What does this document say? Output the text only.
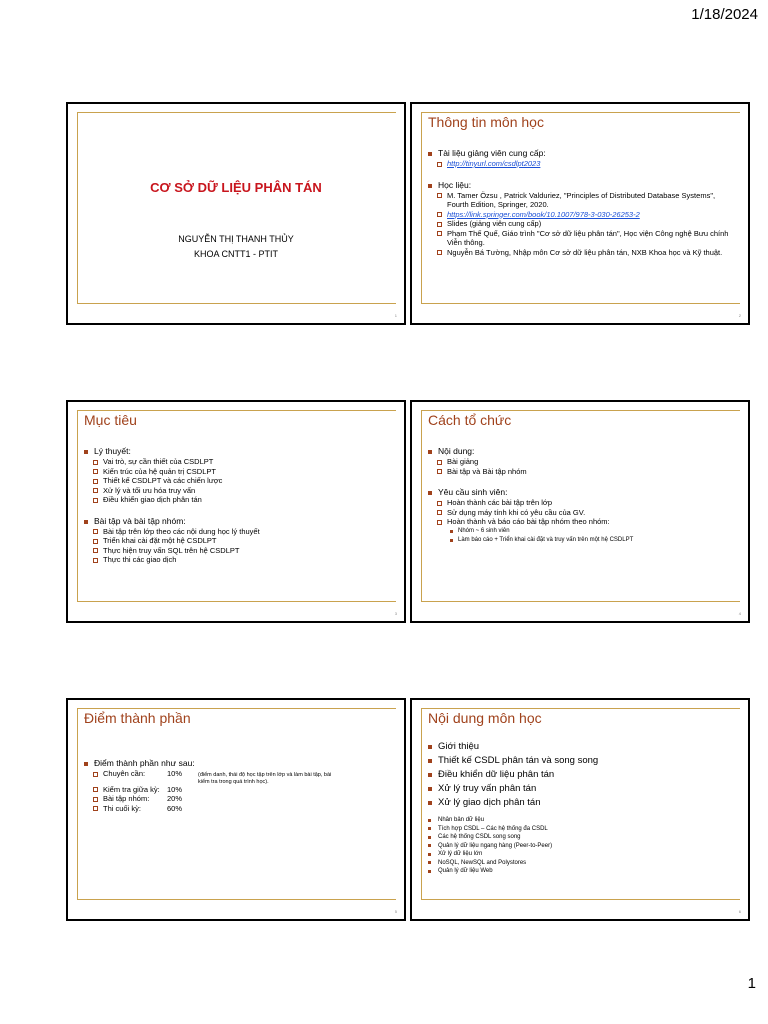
1/18/2024
CƠ SỞ DỮ LIỆU PHÂN TÁN
NGUYỄN THỊ THANH THỦY
KHOA CNTT1 - PTIT
1
Thông tin môn học
Tài liệu giảng viên cung cấp:
http://tinyurl.com/csdlpt2023
Học liệu:
M. Tamer Özsu , Patrick Valduriez, "Principles of Distributed Database Systems", Fourth Edition, Springer, 2020.
https://link.springer.com/book/10.1007/978-3-030-26253-2
Slides (giảng viên cung cấp)
Phạm Thế Quế, Giáo trình "Cơ sở dữ liệu phân tán", Học viện Công nghệ Bưu chính Viễn thông.
Nguyễn Bá Tường, Nhập môn Cơ sở dữ liệu phân tán, NXB Khoa học và Kỹ thuật.
2
Mục tiêu
Lý thuyết:
Vai trò, sự cần thiết của CSDLPT
Kiến trúc của hệ quản trị CSDLPT
Thiết kế CSDLPT và các chiến lược
Xử lý và tối ưu hóa truy vấn
Điều khiển giao dịch phân tán
Bài tập và bài tập nhóm:
Bài tập trên lớp theo các nội dung học lý thuyết
Triển khai cài đặt một hệ CSDLPT
Thực hiện truy vấn SQL trên hệ CSDLPT
Thực thi các giao dịch
3
Cách tổ chức
Nội dung:
Bài giảng
Bài tập và Bài tập nhóm
Yêu cầu sinh viên:
Hoàn thành các bài tập trên lớp
Sử dụng máy tính khi có yêu cầu của GV.
Hoàn thành và báo cáo bài tập nhóm theo nhóm:
Nhóm ~ 6 sinh viên
Làm báo cáo + Triển khai cài đặt và truy vấn trên một hệ CSDLPT
4
Điểm thành phần
Điểm thành phần như sau:
Chuyên cần:	10%
Kiểm tra giữa kỳ: 10%
Bài tập nhóm: 20%
Thi cuối kỳ:	60%
(điểm danh, thái độ học tập trên lớp và làm bài tập, bài kiểm tra trong quá trình học).
5
Nội dung môn học
Giới thiệu
Thiết kế CSDL phân tán và song song
Điều khiển dữ liệu phân tán
Xử lý truy vấn phân tán
Xử lý giao dịch phân tán
Nhân bản dữ liệu
Tích hợp CSDL – Các hệ thống đa CSDL
Các hệ thống CSDL song song
Quản lý dữ liệu ngang hàng (Peer-to-Peer)
Xử lý dữ liệu lớn
NoSQL, NewSQL and Polystores
Quản lý dữ liệu Web
6
1
